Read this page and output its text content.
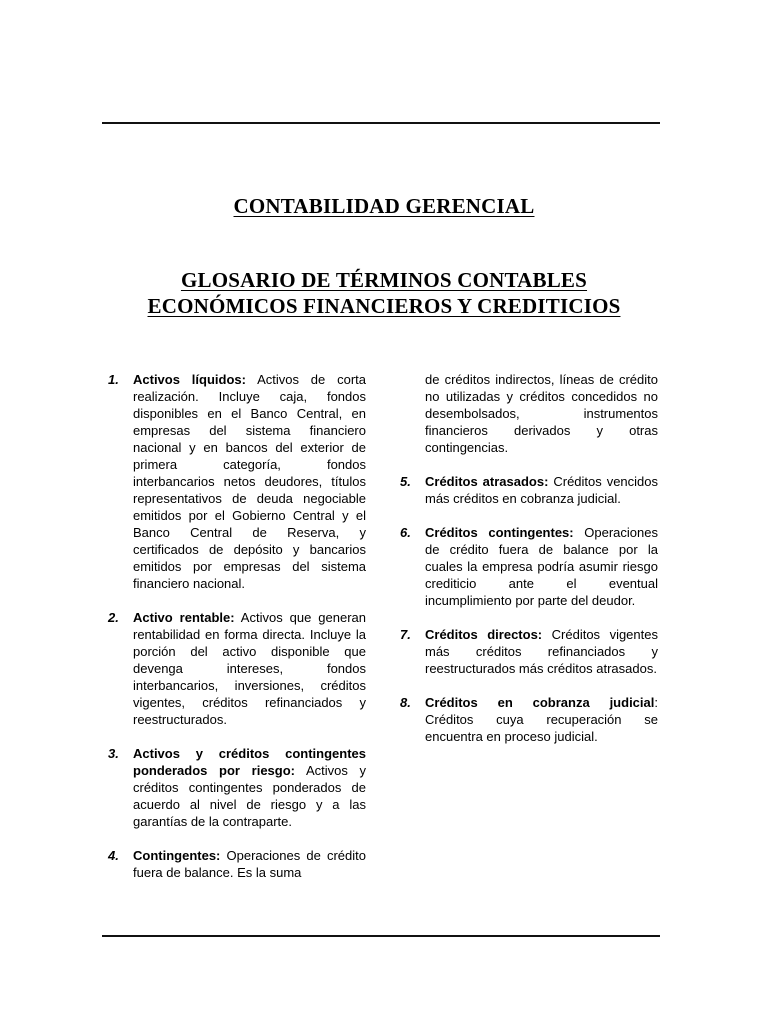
CONTABILIDAD GERENCIAL
GLOSARIO DE TÉRMINOS CONTABLES
ECONÓMICOS FINANCIEROS Y CREDITICIOS
1.	Activos líquidos: Activos de corta realización. Incluye caja, fondos disponibles en el Banco Central, en empresas del sistema financiero nacional y en bancos del exterior de primera categoría, fondos interbancarios netos deudores, títulos representativos de deuda negociable emitidos por el Gobierno Central y el Banco Central de Reserva, y certificados de depósito y bancarios emitidos por empresas del sistema financiero nacional.
2.	Activo rentable: Activos que generan rentabilidad en forma directa. Incluye la porción del activo disponible que devenga intereses, fondos interbancarios, inversiones, créditos vigentes, créditos refinanciados y reestructurados.
3.	Activos y créditos contingentes ponderados por riesgo: Activos y créditos contingentes ponderados de acuerdo al nivel de riesgo y a las garantías de la contraparte.
4.	Contingentes: Operaciones de crédito fuera de balance. Es la suma
de créditos indirectos, líneas de crédito no utilizadas y créditos concedidos no desembolsados, instrumentos financieros derivados y otras contingencias.
5.	Créditos atrasados: Créditos vencidos más créditos en cobranza judicial.
6.	Créditos contingentes: Operaciones de crédito fuera de balance por la cuales la empresa podría asumir riesgo crediticio ante el eventual incumplimiento por parte del deudor.
7.	Créditos directos: Créditos vigentes más créditos refinanciados y reestructurados más créditos atrasados.
8.	Créditos en cobranza judicial: Créditos cuya recuperación se encuentra en proceso judicial.
